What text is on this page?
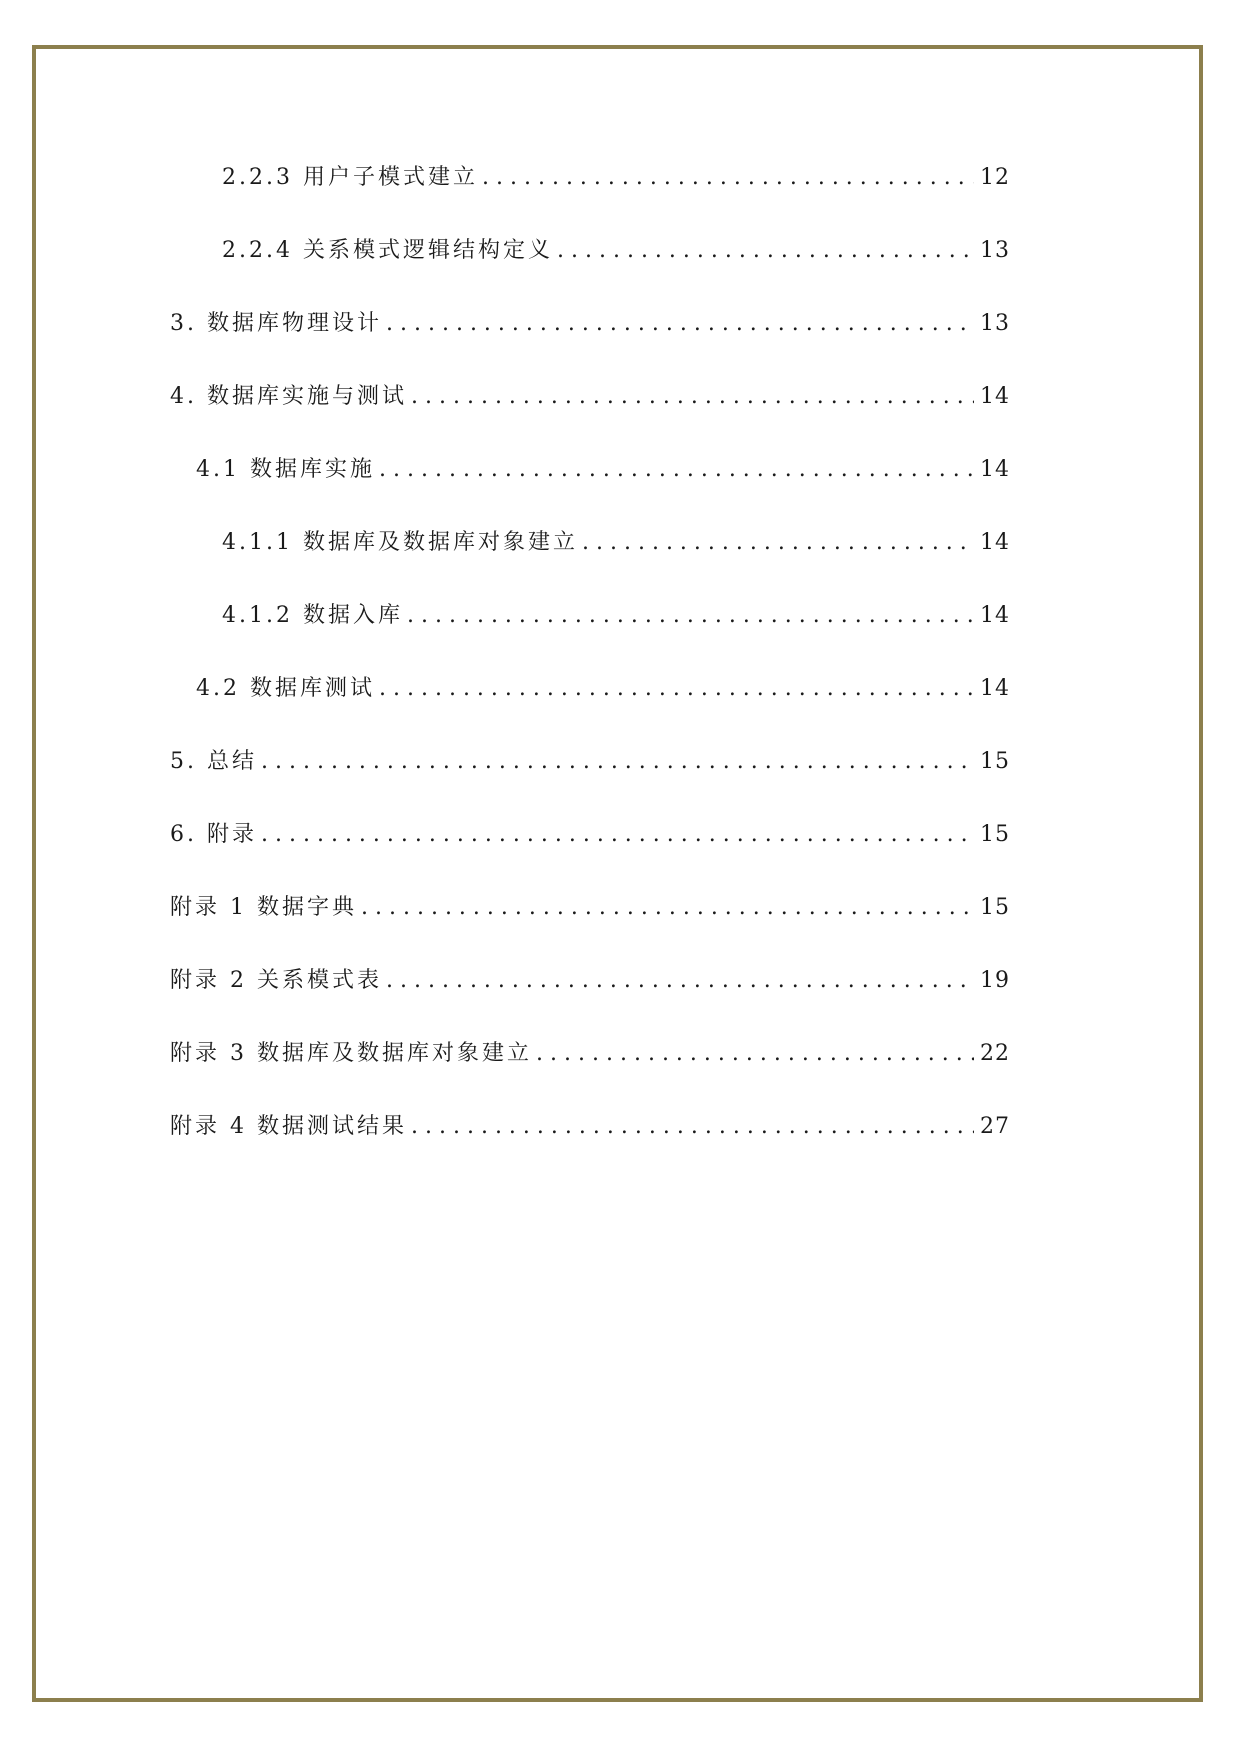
2.2.3 用户子模式建立 .....	12
2.2.4 关系模式逻辑结构定义 .....	13
3. 数据库物理设计 .....	13
4. 数据库实施与测试 .....	14
4.1 数据库实施 .....	14
4.1.1 数据库及数据库对象建立 .....	14
4.1.2 数据入库 .....	14
4.2 数据库测试 .....	14
5. 总结 .....	15
6. 附录 .....	15
附录 1 数据字典 .....	15
附录 2 关系模式表 .....	19
附录 3 数据库及数据库对象建立 .....	22
附录 4 数据测试结果 .....	27
